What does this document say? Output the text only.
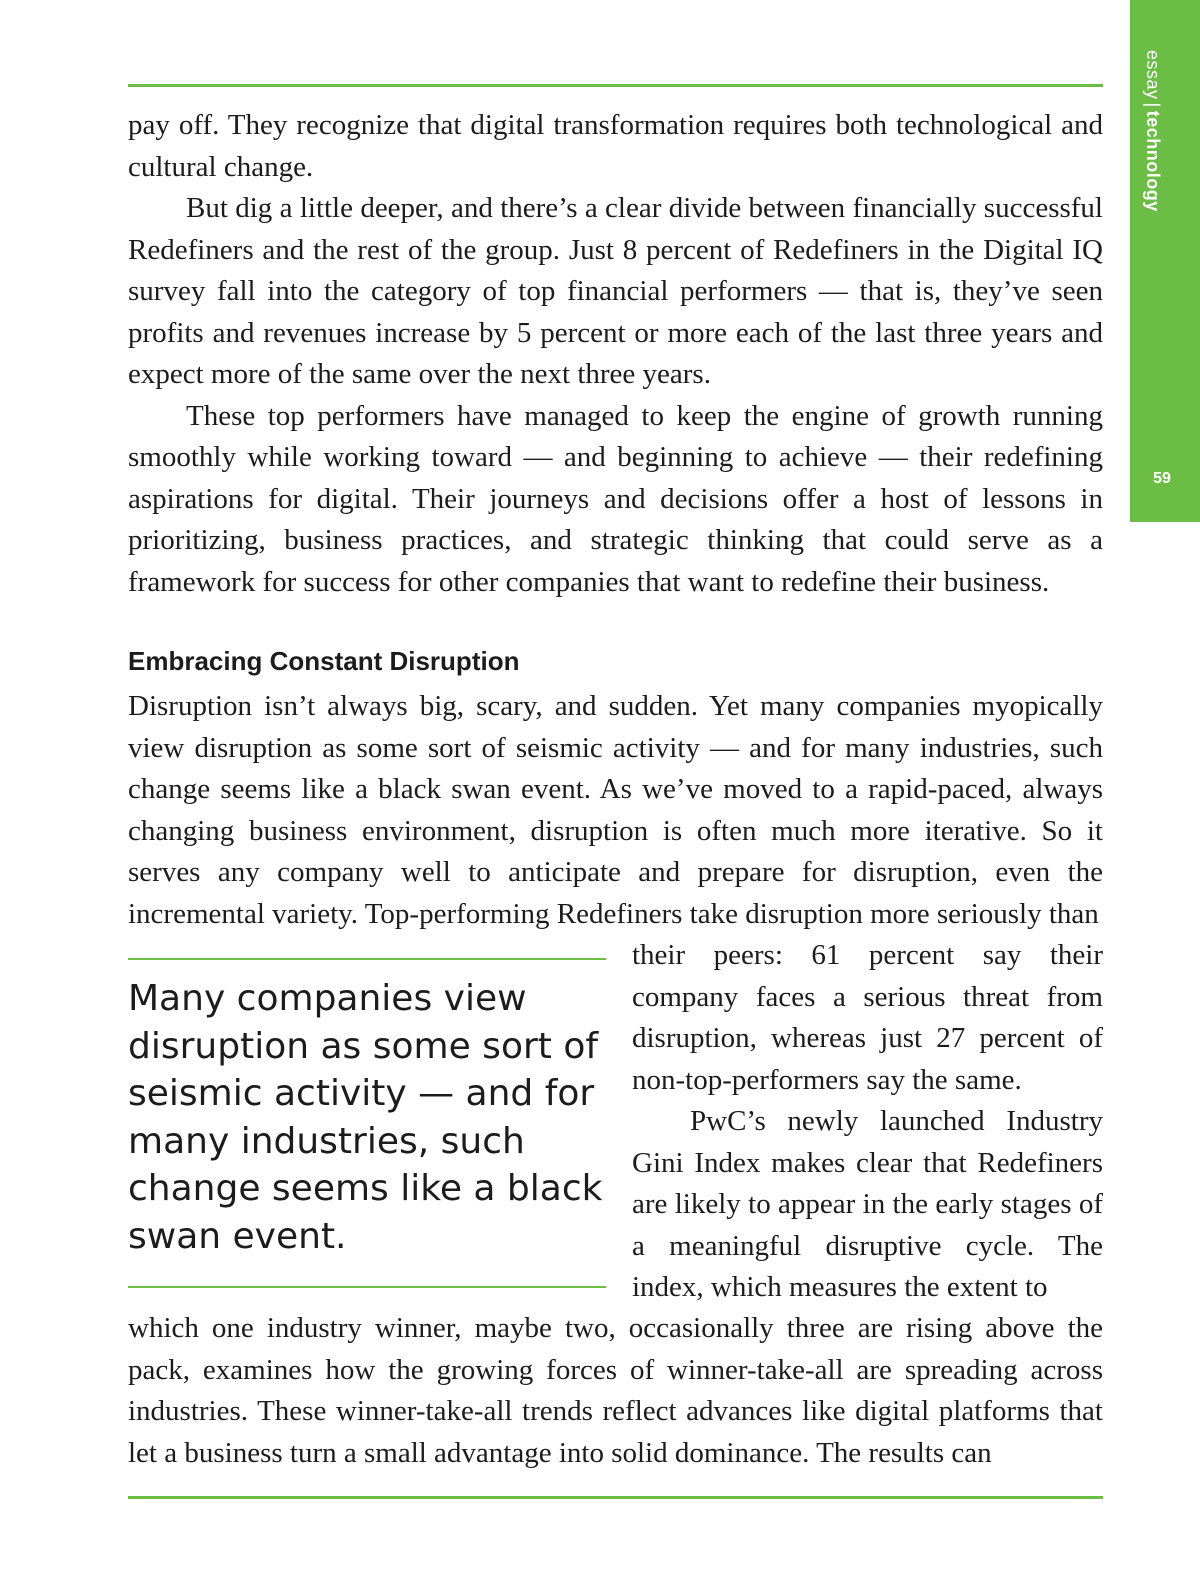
essay|technology
59

pay off. They recognize that digital transformation requires both technological and cultural change.

But dig a little deeper, and there’s a clear divide between financially successful Redefiners and the rest of the group. Just 8 percent of Redefiners in the Digital IQ survey fall into the category of top financial performers — that is, they’ve seen profits and revenues increase by 5 percent or more each of the last three years and expect more of the same over the next three years.

These top performers have managed to keep the engine of growth running smoothly while working toward — and beginning to achieve — their redefining aspirations for digital. Their journeys and decisions offer a host of lessons in prioritizing, business practices, and strategic thinking that could serve as a framework for success for other companies that want to redefine their business.

Embracing Constant Disruption

Disruption isn’t always big, scary, and sudden. Yet many companies myopically view disruption as some sort of seismic activity — and for many industries, such change seems like a black swan event. As we’ve moved to a rapid-paced, always changing business environment, disruption is often much more iterative. So it serves any company well to anticipate and prepare for disruption, even the incremental variety. Top-performing Redefiners take disruption more seriously than

Many companies view disruption as some sort of seismic activity — and for many industries, such change seems like a black swan event.

their peers: 61 percent say their company faces a serious threat from disruption, whereas just 27 percent of non-top-performers say the same.

PwC’s newly launched Industry Gini Index makes clear that Redefiners are likely to appear in the early stages of a meaningful disruptive cycle. The index, which measures the extent to

which one industry winner, maybe two, occasionally three are rising above the pack, examines how the growing forces of winner-take-all are spreading across industries. These winner-take-all trends reflect advances like digital platforms that let a business turn a small advantage into solid dominance. The results can
